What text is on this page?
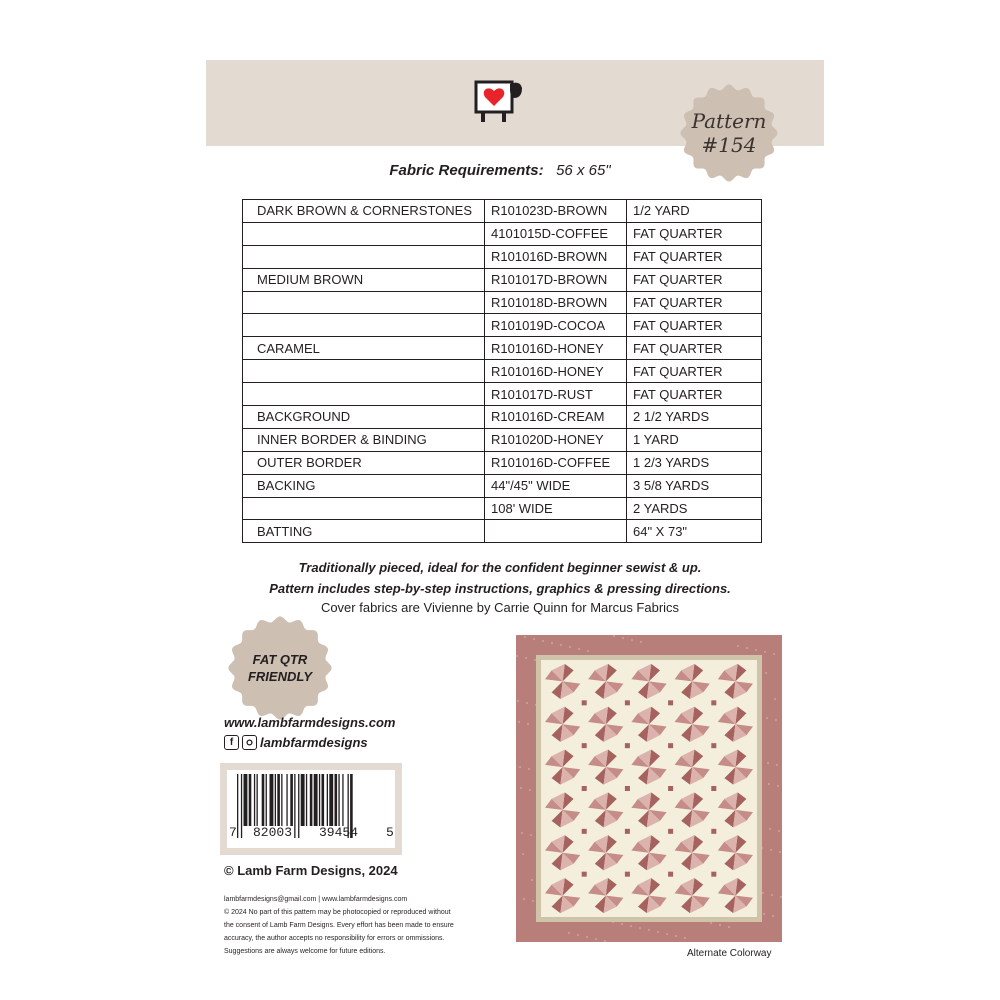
Pattern
#154
Fabric Requirements: 56 x 65"
DARK BROWN & CORNERSTONES	R101023D-BROWN	1/2 YARD
	4101015D-COFFEE	FAT QUARTER
	R101016D-BROWN	FAT QUARTER
MEDIUM BROWN	R101017D-BROWN	FAT QUARTER
	R101018D-BROWN	FAT QUARTER
	R101019D-COCOA	FAT QUARTER
CARAMEL	R101016D-HONEY	FAT QUARTER
	R101016D-HONEY	FAT QUARTER
	R101017D-RUST	FAT QUARTER
BACKGROUND	R101016D-CREAM	2 1/2 YARDS
INNER BORDER & BINDING	R101020D-HONEY	1 YARD
OUTER BORDER	R101016D-COFFEE	1 2/3 YARDS
BACKING	44"/45" WIDE	3 5/8 YARDS
	108' WIDE	2 YARDS
BATTING		64" X 73"
Traditionally pieced, ideal for the confident beginner sewist & up.
Pattern includes step-by-step instructions, graphics & pressing directions.
Cover fabrics are Vivienne by Carrie Quinn for Marcus Fabrics
FAT QTR
FRIENDLY
www.lambfarmdesigns.com
f	lambfarmdesigns
7 82003 39454 5
© Lamb Farm Designs, 2024
lambfarmdesigns@gmail.com | www.lambfarmdesigns.com
© 2024 No part of this pattern may be photocopied or reproduced without
the consent of Lamb Farm Designs. Every effort has been made to ensure
accuracy, the author accepts no responsibility for errors or ommissions.
Suggestions are always welcome for future editions.	Alternate Colorway
